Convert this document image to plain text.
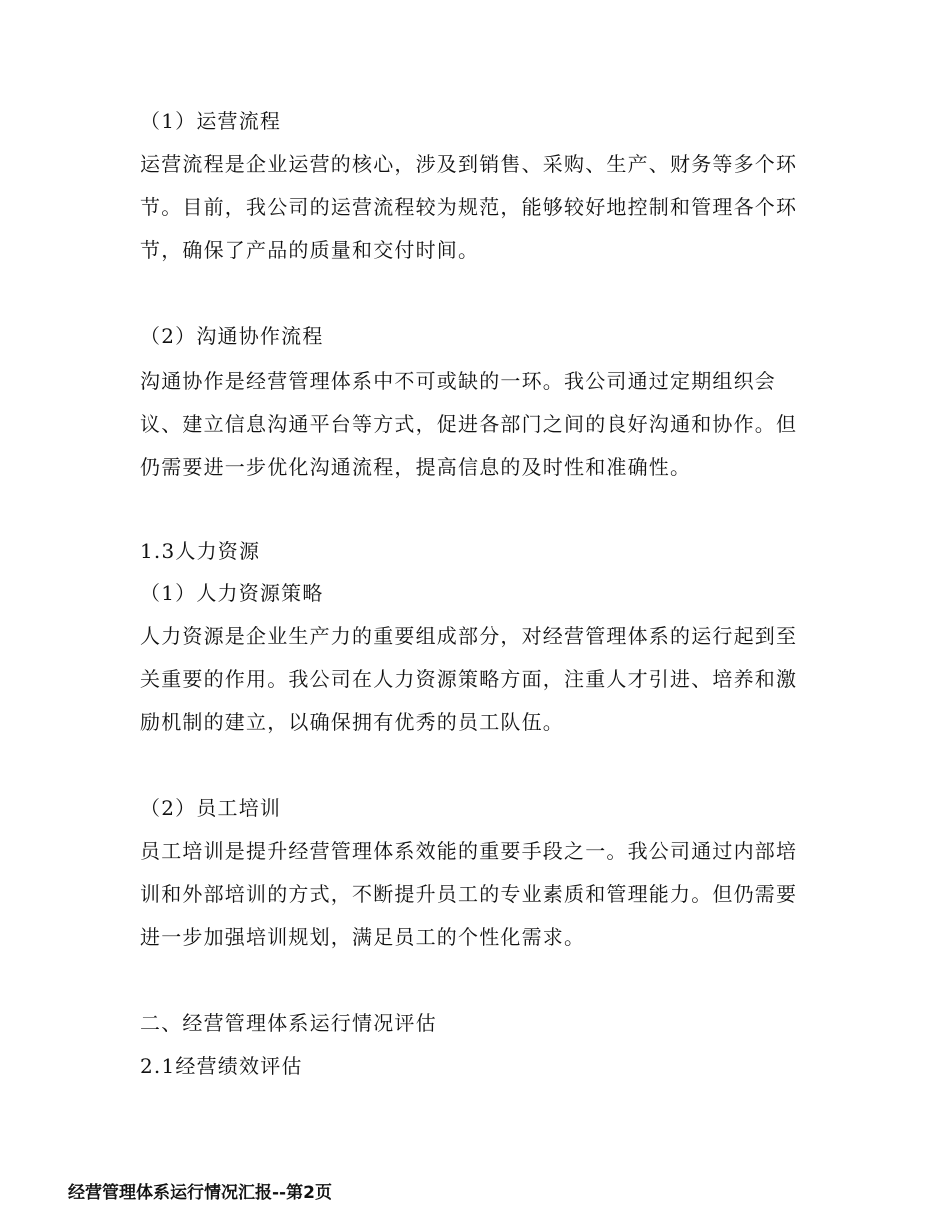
（1）运营流程

运营流程是企业运营的核心，涉及到销售、采购、生产、财务等多个环节。目前，我公司的运营流程较为规范，能够较好地控制和管理各个环节，确保了产品的质量和交付时间。

（2）沟通协作流程

沟通协作是经营管理体系中不可或缺的一环。我公司通过定期组织会议、建立信息沟通平台等方式，促进各部门之间的良好沟通和协作。但仍需要进一步优化沟通流程，提高信息的及时性和准确性。

1.3人力资源

（1）人力资源策略

人力资源是企业生产力的重要组成部分，对经营管理体系的运行起到至关重要的作用。我公司在人力资源策略方面，注重人才引进、培养和激励机制的建立，以确保拥有优秀的员工队伍。

（2）员工培训

员工培训是提升经营管理体系效能的重要手段之一。我公司通过内部培训和外部培训的方式，不断提升员工的专业素质和管理能力。但仍需要进一步加强培训规划，满足员工的个性化需求。

二、经营管理体系运行情况评估

2.1经营绩效评估

经营管理体系运行情况汇报--第2页
